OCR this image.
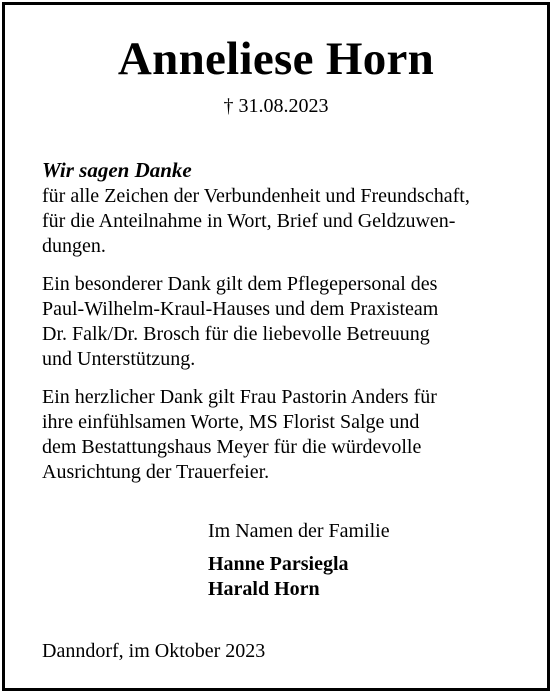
Anneliese Horn
† 31.08.2023
Wir sagen Danke
für alle Zeichen der Verbundenheit und Freundschaft,
für die Anteilnahme in Wort, Brief und Geldzuwen-
dungen.
Ein besonderer Dank gilt dem Pflegepersonal des
Paul-Wilhelm-Kraul-Hauses und dem Praxisteam
Dr. Falk/Dr. Brosch für die liebevolle Betreuung
und Unterstützung.
Ein herzlicher Dank gilt Frau Pastorin Anders für
ihre einfühlsamen Worte, MS Florist Salge und
dem Bestattungshaus Meyer für die würdevolle
Ausrichtung der Trauerfeier.
Im Namen der Familie
Hanne Parsiegla
Harald Horn
Danndorf, im Oktober 2023
